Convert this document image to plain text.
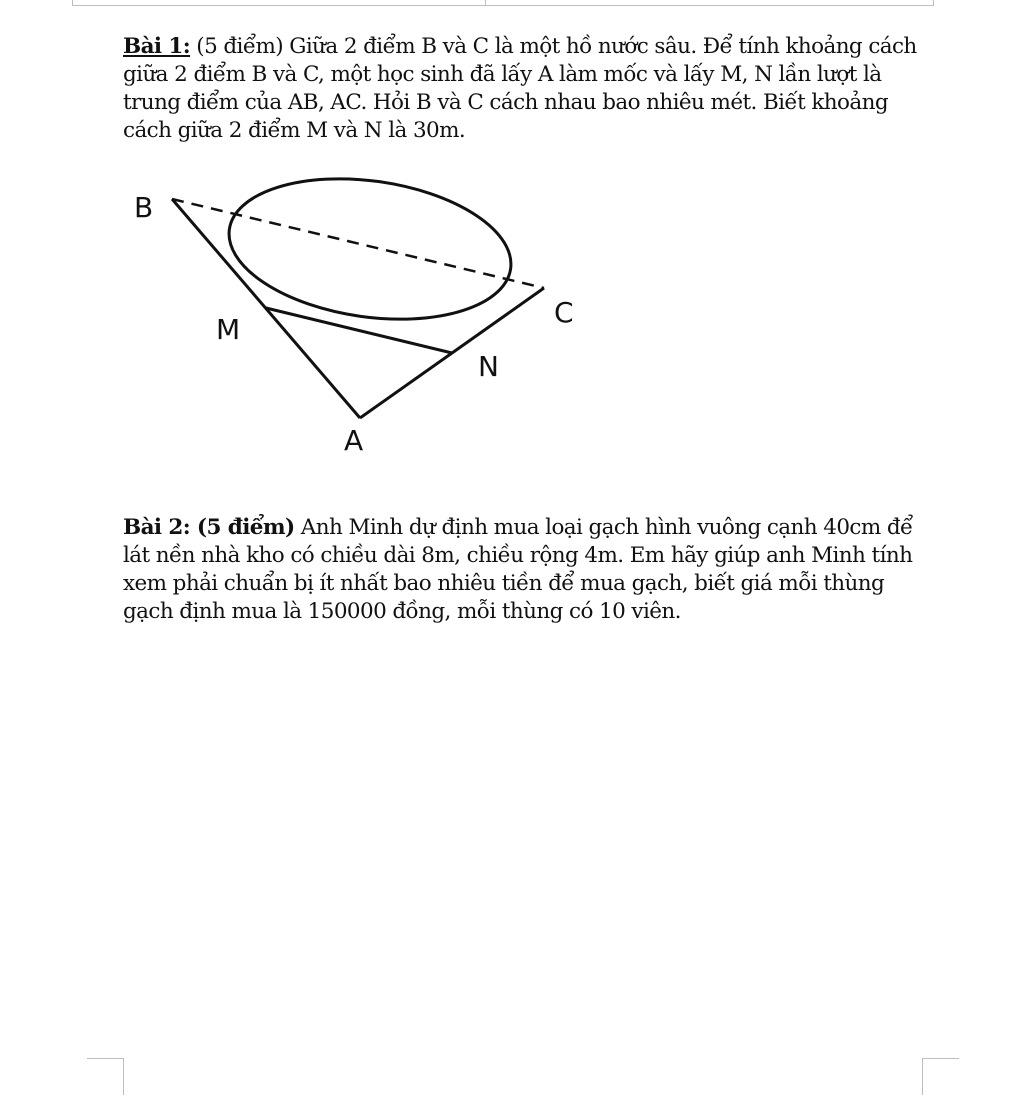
Bài 1: (5 điểm) Giữa 2 điểm B và C là một hồ nước sâu. Để tính khoảng cách giữa 2 điểm B và C, một học sinh đã lấy A làm mốc và lấy M, N lần lượt là trung điểm của AB, AC. Hỏi B và C cách nhau bao nhiêu mét. Biết khoảng cách giữa 2 điểm M và N là 30m.

B
C
M
N
A

Bài 2: (5 điểm) Anh Minh dự định mua loại gạch hình vuông cạnh 40cm để lát nền nhà kho có chiều dài 8m, chiều rộng 4m. Em hãy giúp anh Minh tính xem phải chuẩn bị ít nhất bao nhiêu tiền để mua gạch, biết giá mỗi thùng gạch định mua là 150000 đồng, mỗi thùng có 10 viên.
